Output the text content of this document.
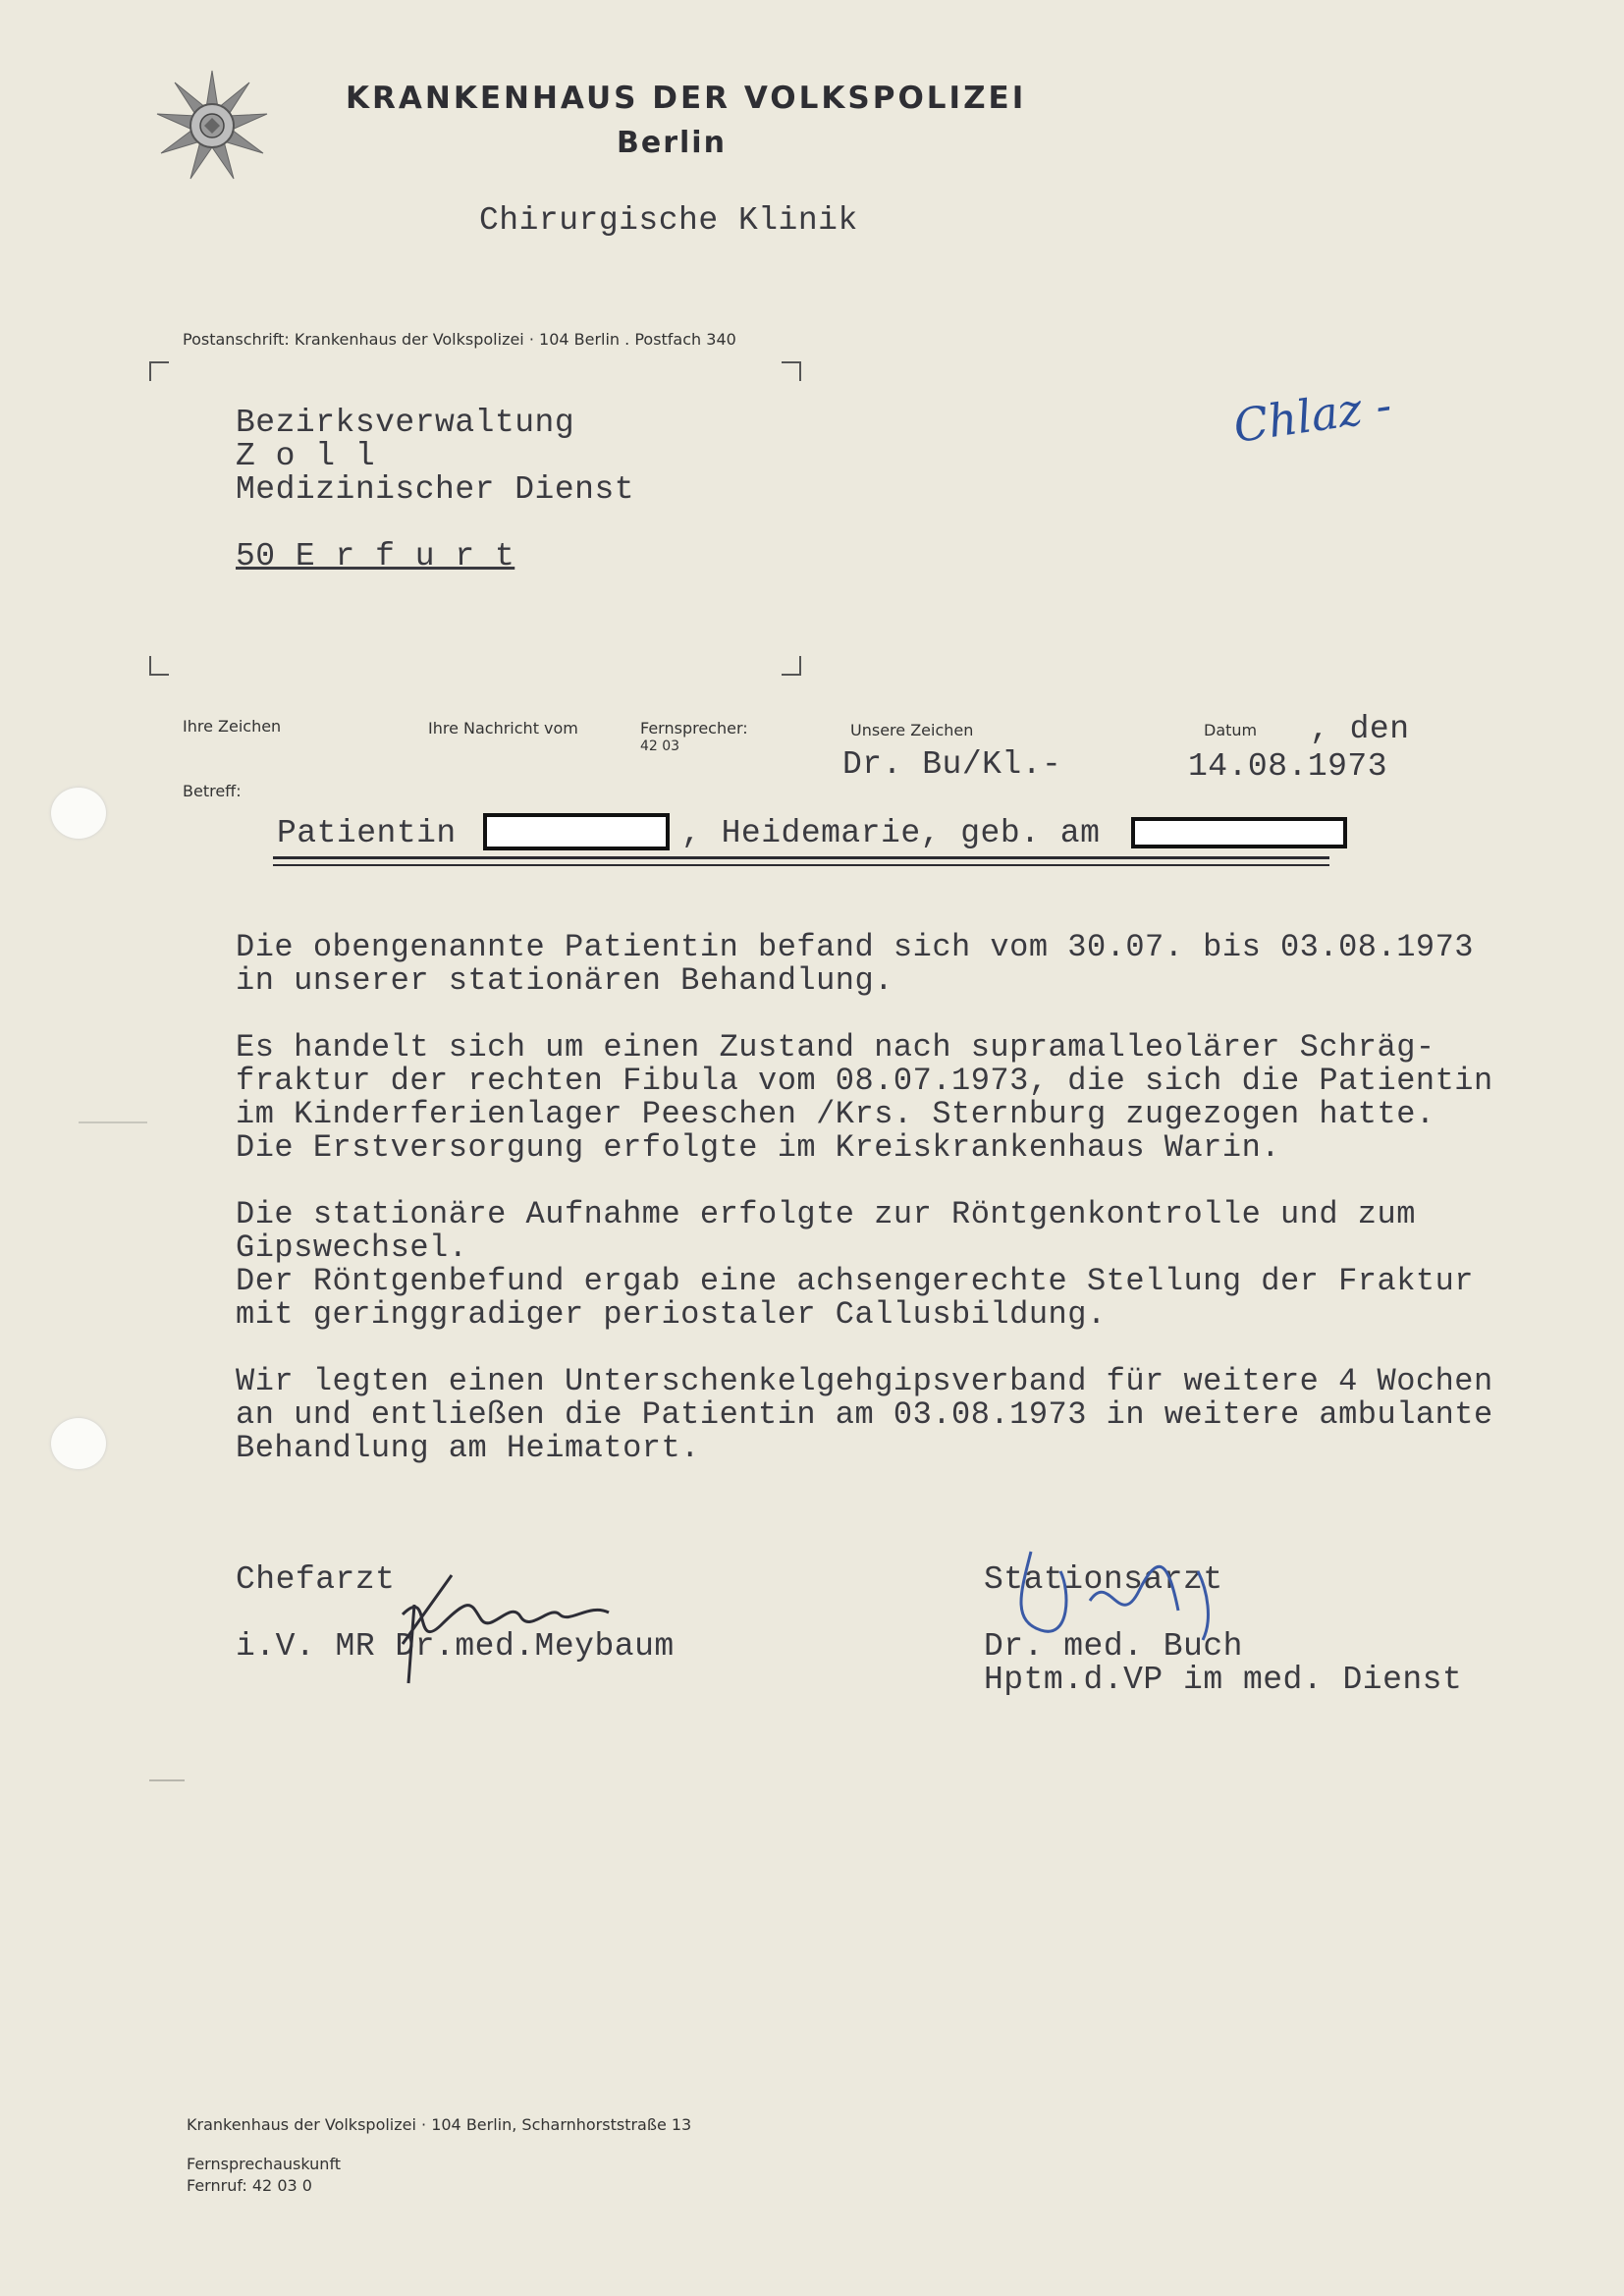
KRANKENHAUS DER VOLKSPOLIZEI
Berlin
Chirurgische Klinik
Postanschrift: Krankenhaus der Volkspolizei · 104 Berlin . Postfach 340
Bezirksverwaltung
Z o l l
Medizinischer Dienst
50 E r f u r t
Chlaz -
Ihre Zeichen	Ihre Nachricht vom	Fernsprecher:
42 03
Unsere Zeichen
Dr. Bu/Kl.-
Datum , den
14.08.1973
Betreff:
Patientin	, Heidemarie, geb. am
Die obengenannte Patientin befand sich vom 30.07. bis 03.08.1973
in unserer stationären Behandlung.
Es handelt sich um einen Zustand nach supramalleolärer Schräg-
fraktur der rechten Fibula vom 08.07.1973, die sich die Patientin
im Kinderferienlager Peeschen /Krs. Sternburg zugezogen hatte.
Die Erstversorgung erfolgte im Kreiskrankenhaus Warin.
Die stationäre Aufnahme erfolgte zur Röntgenkontrolle und zum
Gipswechsel.
Der Röntgenbefund ergab eine achsengerechte Stellung der Fraktur
mit geringgradiger periostaler Callusbildung.
Wir legten einen Unterschenkelgehgipsverband für weitere 4 Wochen
an und entließen die Patientin am 03.08.1973 in weitere ambulante
Behandlung am Heimatort.
Chefarzt
i.V. MR Dr.med.Meybaum
Stationsarzt
Dr. med. Buch
Hptm.d.VP im med. Dienst
Krankenhaus der Volkspolizei · 104 Berlin, Scharnhorststraße 13
Fernsprechauskunft
Fernruf: 42 03 0
